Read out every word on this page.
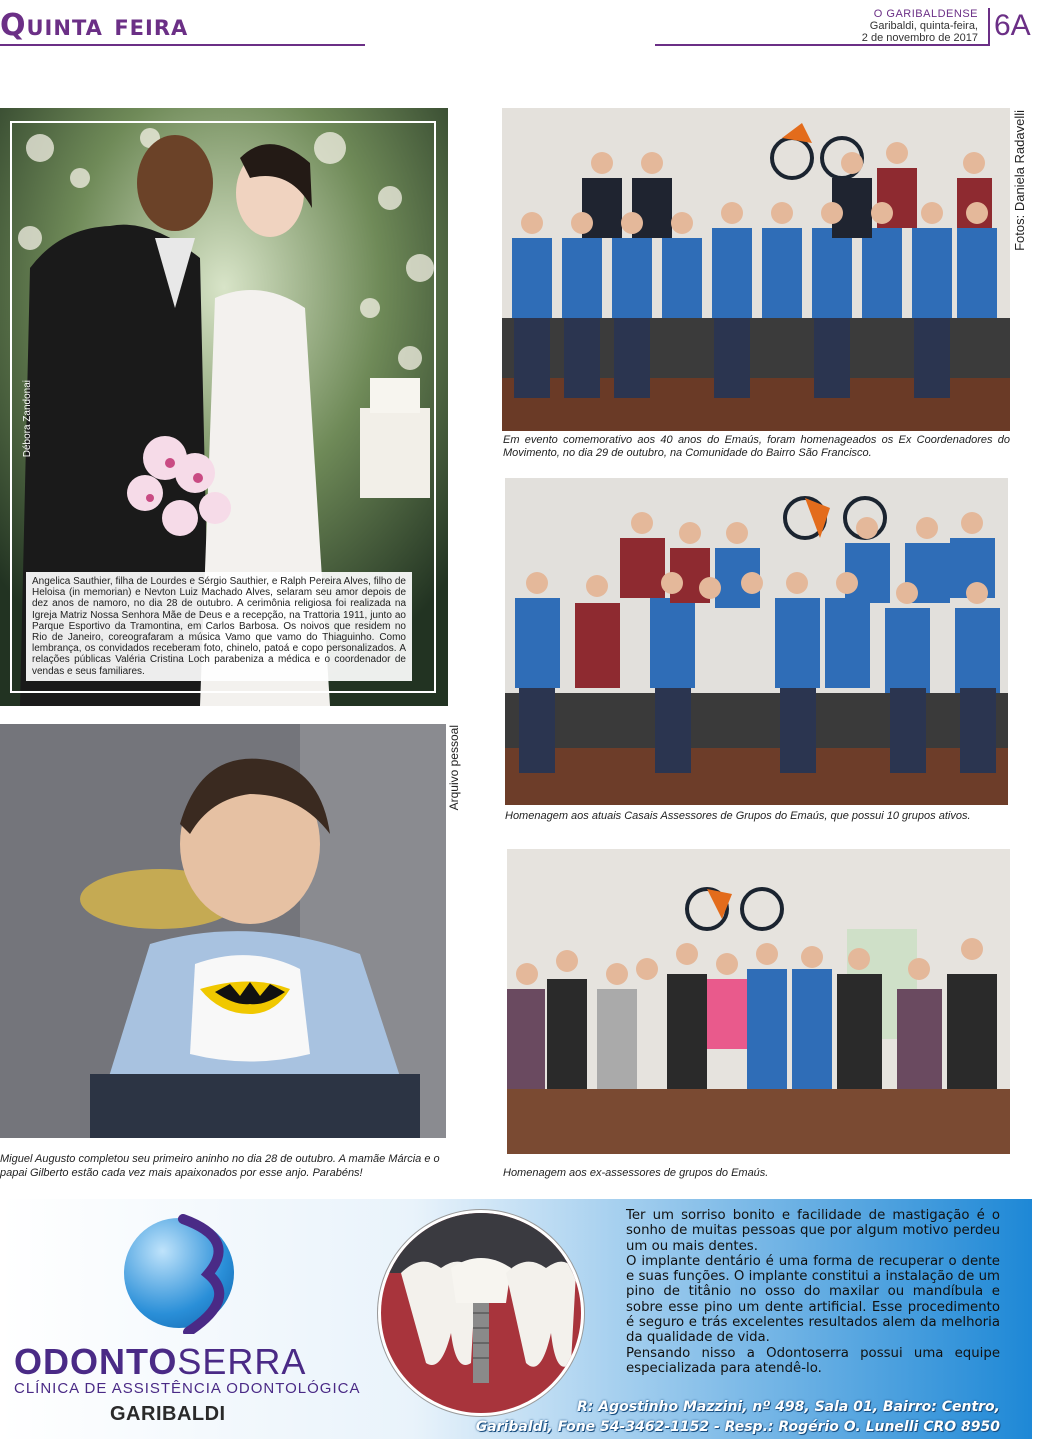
Quinta feira	O GARIBALDENSE
Garibaldi, quinta-feira,
2 de novembro de 2017 6A
Débora Zandonai
Angelica Sauthier, filha de Lourdes e Sérgio Sauthier, e Ralph Pereira Alves, filho de Heloisa (in memorian) e Nevton Luiz Machado Alves, selaram seu amor depois de dez anos de namoro, no dia 28 de outubro. A cerimônia religiosa foi realizada na Igreja Matriz Nossa Senhora Mãe de Deus e a recepção, na Trattoria 1911, junto ao Parque Esportivo da Tramontina, em Carlos Barbosa. Os noivos que residem no Rio de Janeiro, coreografaram a música Vamo que vamo do Thiaguinho. Como lembrança, os convidados receberam foto, chinelo, patoá e copo personalizados. A relações públicas Valéria Cristina Loch parabeniza a médica e o coordenador de vendas e seus familiares.
Arquivo pessoal
Miguel Augusto completou seu primeiro aninho no dia 28 de outubro. A mamãe Márcia e o papai Gilberto estão cada vez mais apaixonados por esse anjo. Parabéns!
Fotos: Daniela Radavelli
Em evento comemorativo aos 40 anos do Emaús, foram homenageados os Ex Coordenadores do Movimento, no dia 29 de outubro, na Comunidade do Bairro São Francisco.
Homenagem aos atuais Casais Assessores de Grupos do Emaús, que possui 10 grupos ativos.
Homenagem aos ex-assessores de grupos do Emaús.
ODONTOSERRA
CLÍNICA DE ASSISTÊNCIA ODONTOLÓGICA
GARIBALDI
Ter um sorriso bonito e facilidade de mastigação é o sonho de muitas pessoas que por algum motivo perdeu um ou mais dentes.
O implante dentário é uma forma de recuperar o dente e suas funções. O implante constitui a instalação de um pino de titânio no osso do maxilar ou mandíbula e sobre esse pino um dente artificial. Esse procedimento é seguro e trás excelentes resultados alem da melhoria da qualidade de vida.
Pensando nisso a Odontoserra possui uma equipe especializada para atendê-lo.
R: Agostinho Mazzini, nº 498, Sala 01, Bairro: Centro,
Garibaldi, Fone 54-3462-1152 - Resp.: Rogério O. Lunelli CRO 8950
